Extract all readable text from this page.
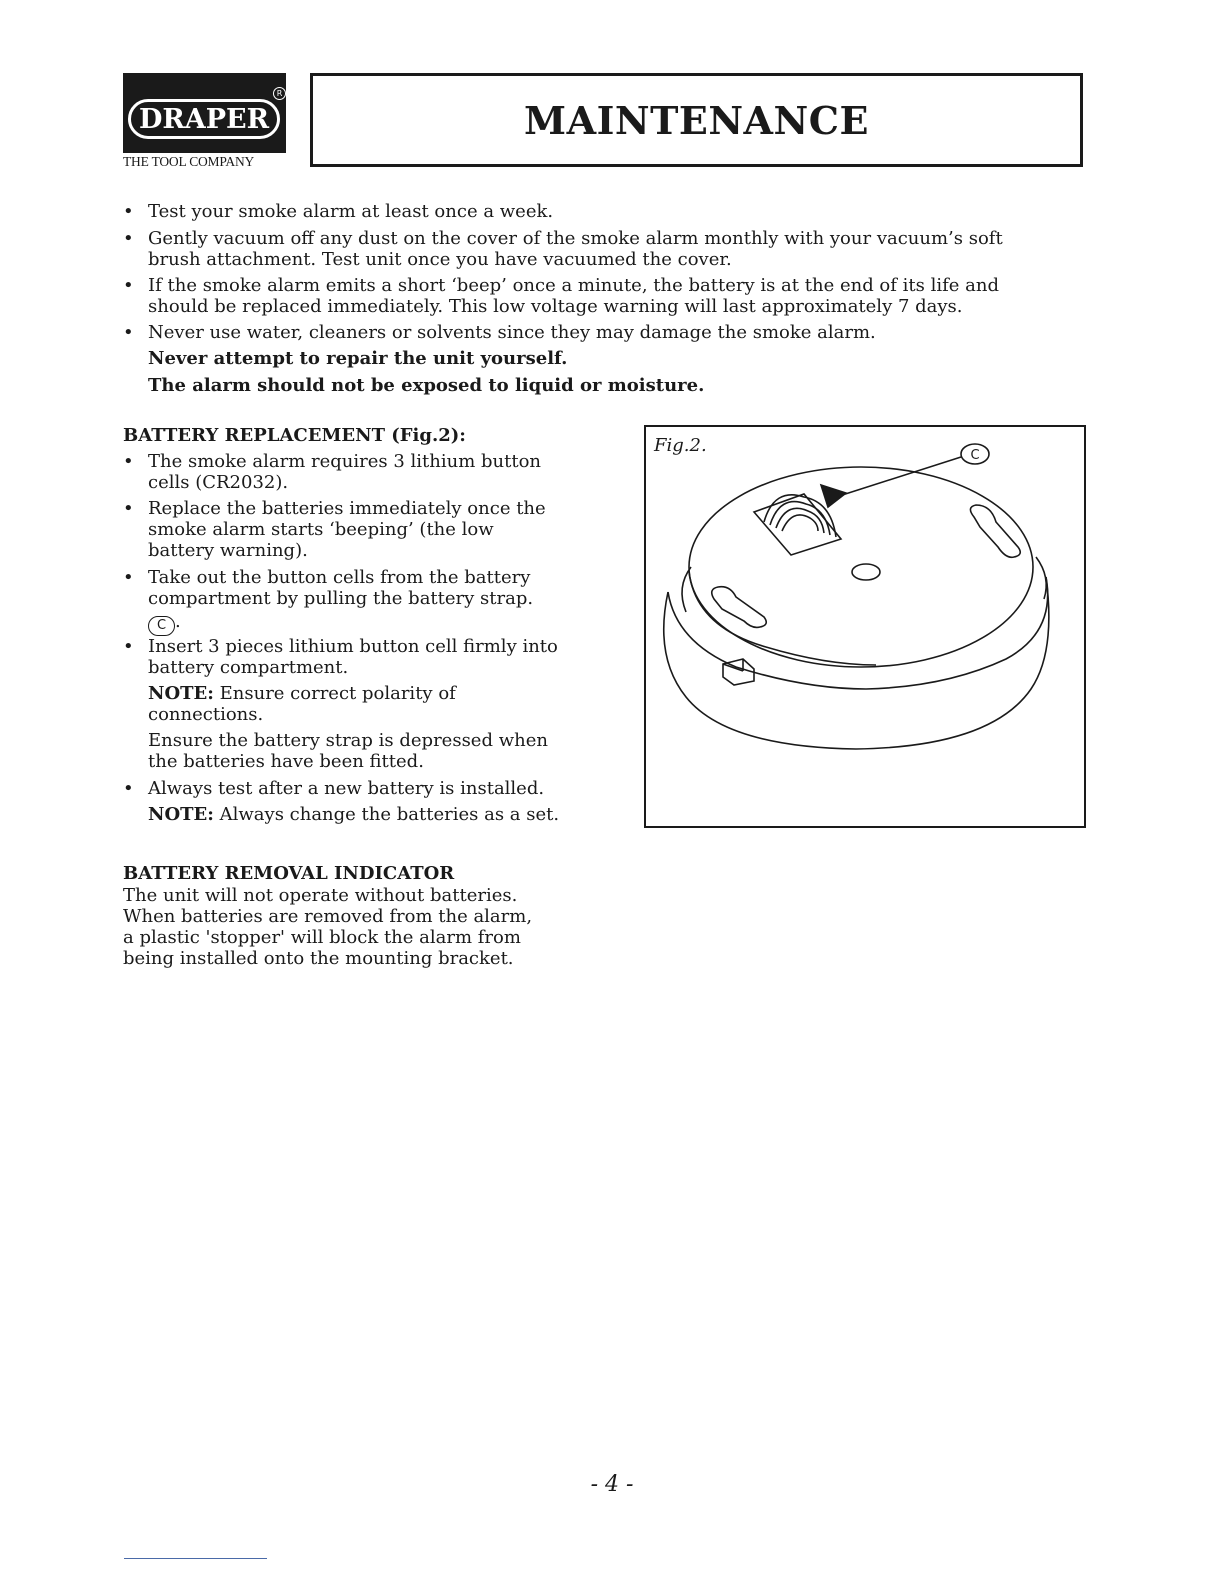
DRAPER
R
THE TOOL COMPANY
MAINTENANCE
• Test your smoke alarm at least once a week.
• Gently vacuum off any dust on the cover of the smoke alarm monthly with your vacuum’s soft
brush attachment. Test unit once you have vacuumed the cover.
• If the smoke alarm emits a short ‘beep’ once a minute, the battery is at the end of its life and
should be replaced immediately. This low voltage warning will last approximately 7 days.
• Never use water, cleaners or solvents since they may damage the smoke alarm.
Never attempt to repair the unit yourself.
The alarm should not be exposed to liquid or moisture.
BATTERY REPLACEMENT (Fig.2):
• The smoke alarm requires 3 lithium button
cells (CR2032).
• Replace the batteries immediately once the
smoke alarm starts ‘beeping’ (the low
battery warning).
• Take out the button cells from the battery
compartment by pulling the battery strap.
C .
• Insert 3 pieces lithium button cell firmly into
battery compartment.
NOTE: Ensure correct polarity of
connections.
Ensure the battery strap is depressed when
the batteries have been fitted.
• Always test after a new battery is installed.
NOTE: Always change the batteries as a set.
BATTERY REMOVAL INDICATOR
The unit will not operate without batteries.
When batteries are removed from the alarm,
a plastic 'stopper' will block the alarm from
being installed onto the mounting bracket.
C
Fig.2.
- 4 -
